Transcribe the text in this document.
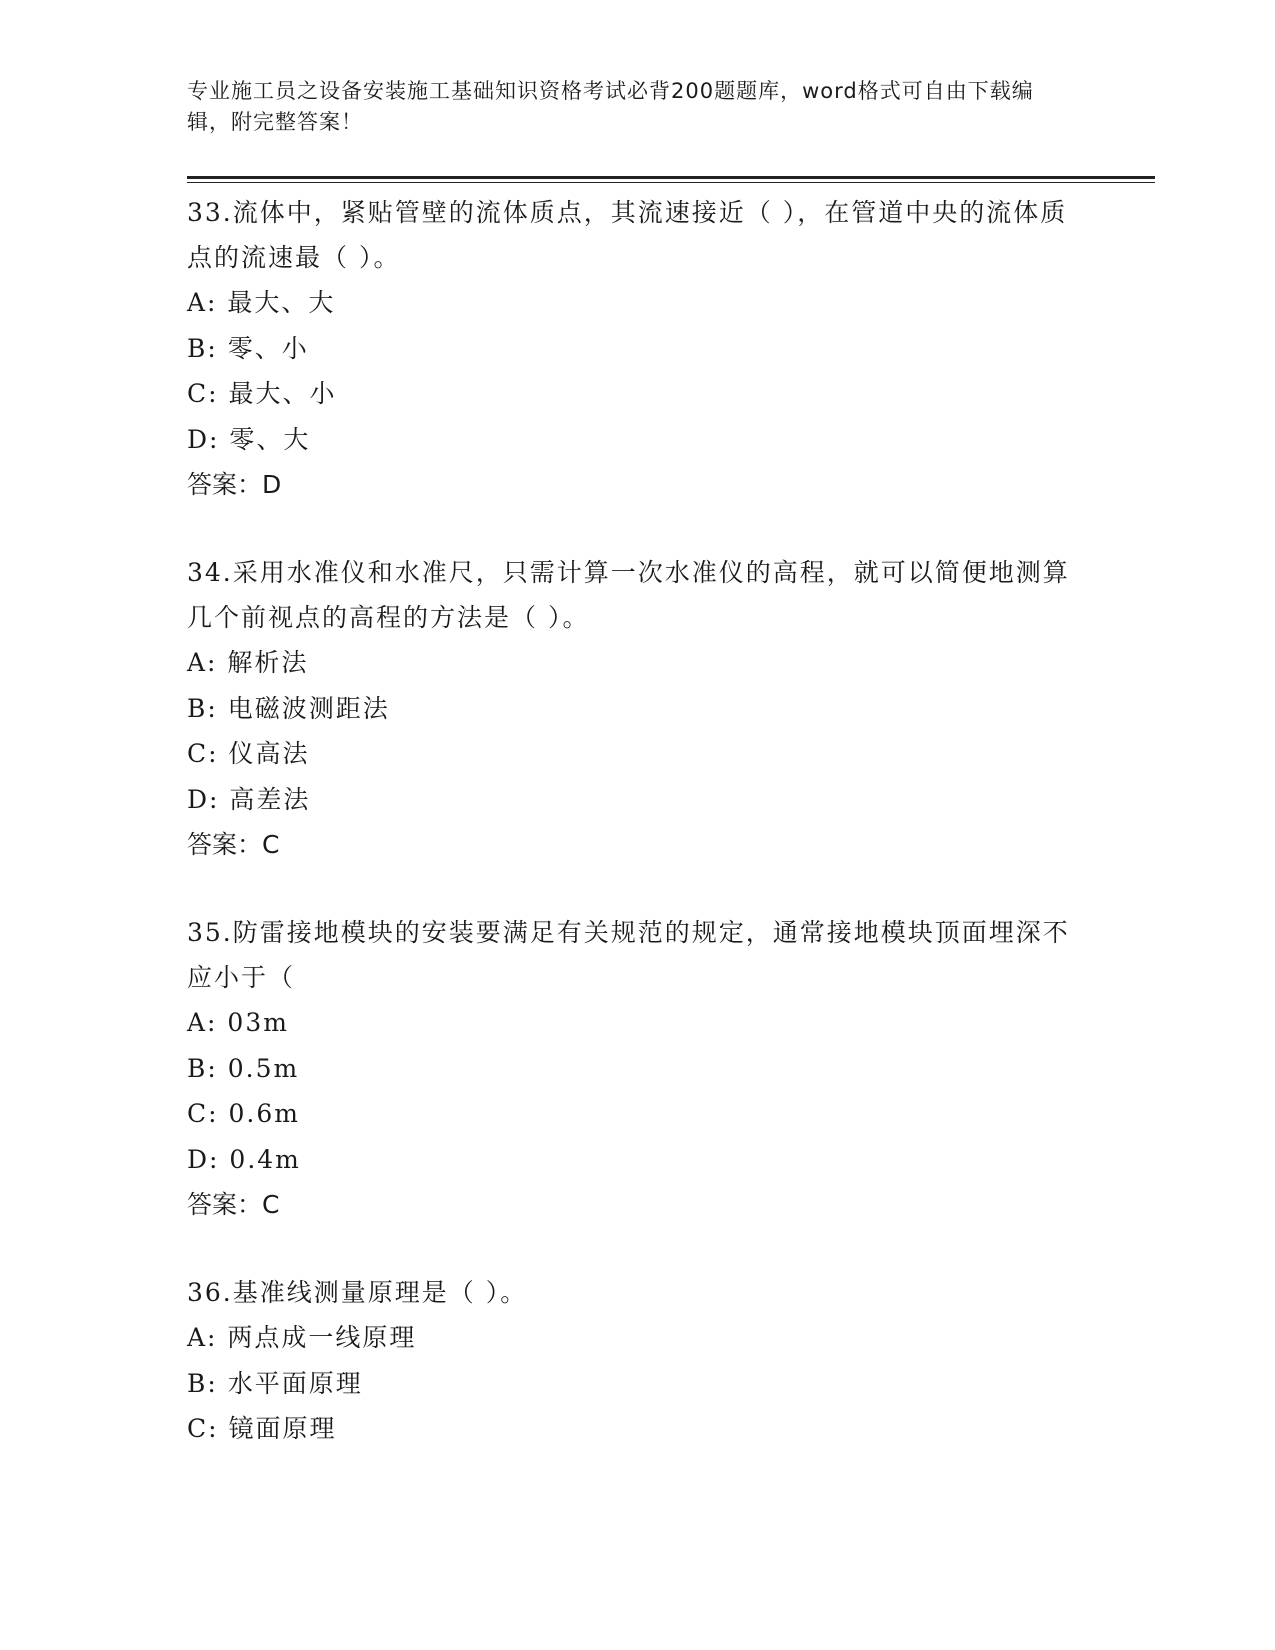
专业施工员之设备安装施工基础知识资格考试必背200题题库，word格式可自由下载编辑，附完整答案！

33.流体中，紧贴管壁的流体质点，其流速接近（ ），在管道中央的流体质点的流速最（ ）。

A: 最大、大

B: 零、小

C: 最大、小

D: 零、大

答案：D

34.采用水准仪和水准尺，只需计算一次水准仪的高程，就可以简便地测算几个前视点的高程的方法是（ ）。

A: 解析法

B: 电磁波测距法

C: 仪高法

D: 高差法

答案：C

35.防雷接地模块的安装要满足有关规范的规定，通常接地模块顶面埋深不应小于（

A: 03m

B: 0.5m

C: 0.6m

D: 0.4m

答案：C

36.基准线测量原理是（ ）。

A: 两点成一线原理

B: 水平面原理

C: 镜面原理
